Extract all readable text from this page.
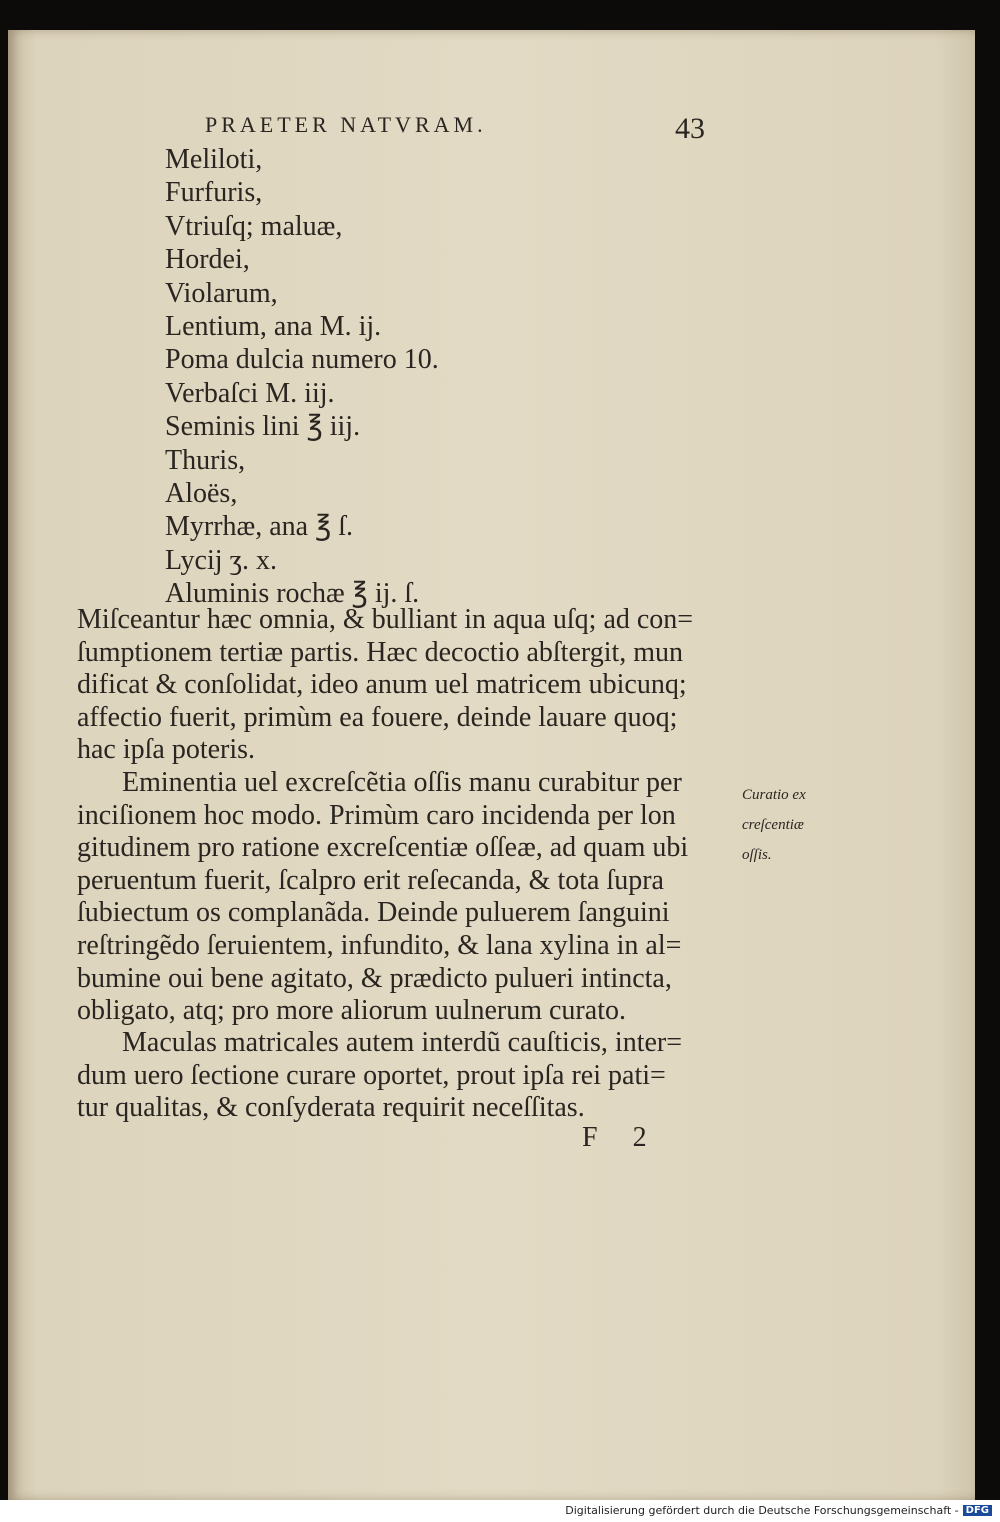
PRAETER NATVRAM.	43
Meliloti,
Furfuris,
Vtriuſq; maluæ,
Hordei,
Violarum,
Lentium, ana M. ij.
Poma dulcia numero 10.
Verbaſci M. iij.
Seminis lini ℥ iij.
Thuris,
Aloës,
Myrrhæ, ana ℥ ſ.
Lycij ʒ. x.
Aluminis rochæ ℥ ij. ſ.
Miſceantur hæc omnia, & bulliant in aqua uſq; ad con=
ſumptionem tertiæ partis. Hæc decoctio abſtergit, mun
dificat & conſolidat, ideo anum uel matricem ubicunq;
affectio fuerit, primùm ea fouere, deinde lauare quoq;
hac ipſa poteris.
Eminentia uel excreſcẽtia oſſis manu curabitur per
inciſionem hoc modo. Primùm caro incidenda per lon
gitudinem pro ratione excreſcentiæ oſſeæ, ad quam ubi
peruentum fuerit, ſcalpro erit reſecanda, & tota ſupra
ſubiectum os complanãda. Deinde puluerem ſanguini
reſtringẽdo ſeruientem, infundito, & lana xylina in al=
bumine oui bene agitato, & prædicto pulueri intincta,
obligato, atq; pro more aliorum uulnerum curato.
Maculas matricales autem interdũ cauſticis, inter=
dum uero ſectione curare oportet, prout ipſa rei pati=
tur qualitas, & conſyderata requirit neceſſitas.
Curatio ex
creſcentiæ
oſſis.
F 2
Digitalisierung gefördert durch die Deutsche Forschungsgemeinschaft - DFG
